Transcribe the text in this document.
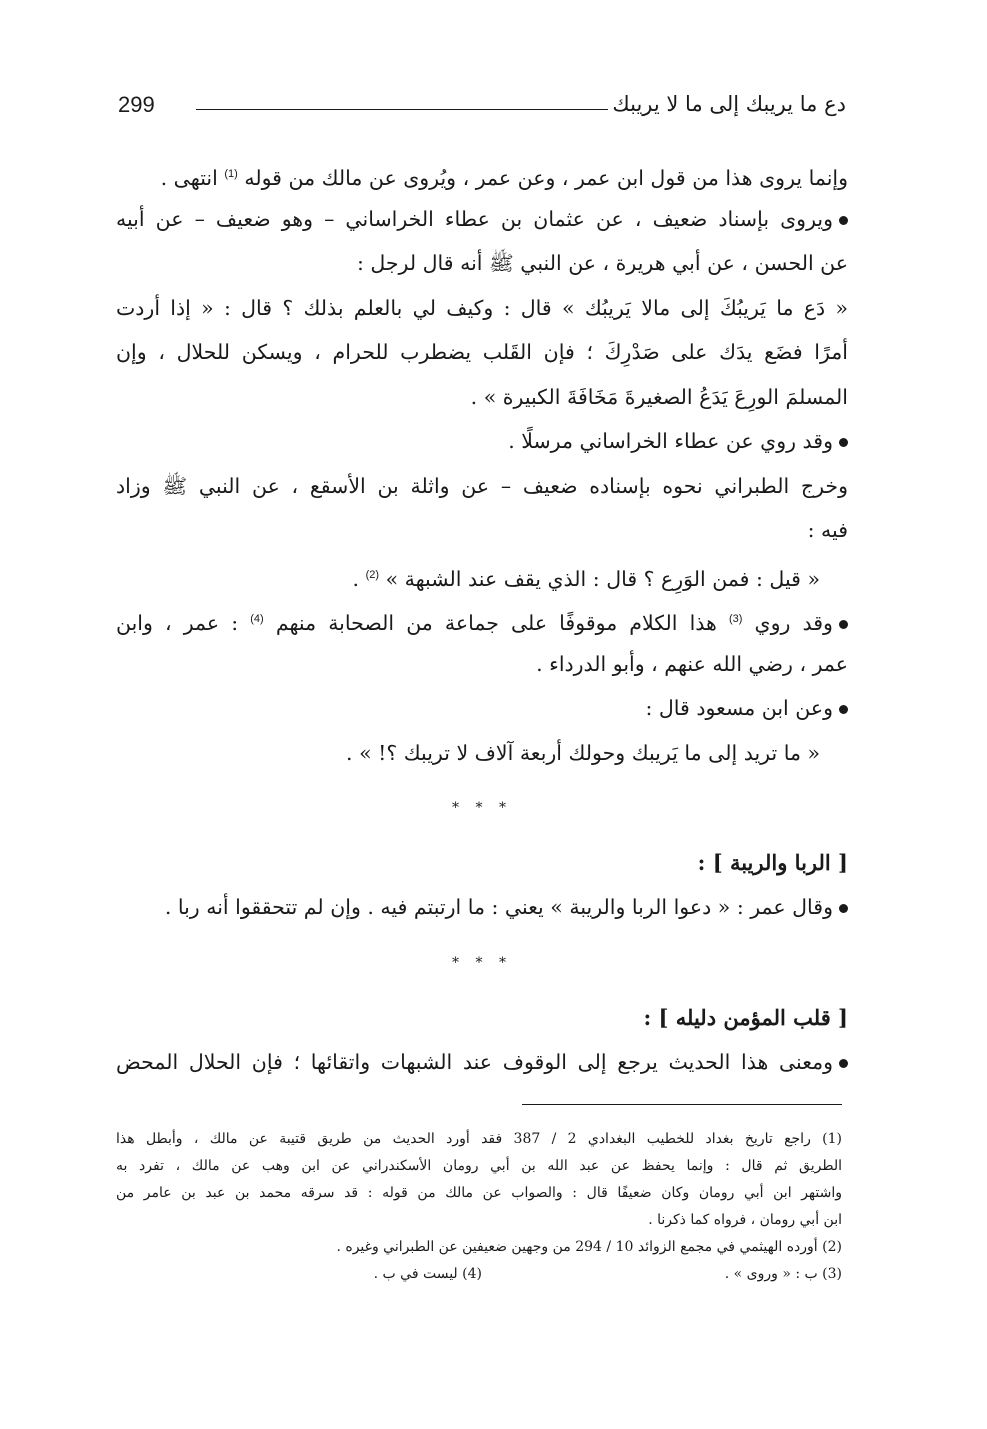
دع ما يريبك إلى ما لا يريبك
299
وإنما يروى هذا من قول ابن عمر ، وعن عمر ، ويُروى عن مالك من قوله $^{(1)}$ انتهى .
ويروى بإسناد ضعيف ، عن عثمان بن عطاء الخراساني – وهو ضعيف – عن أبيه
عن الحسن ، عن أبي هريرة ، عن النبي ﷺ أنه قال لرجل :
« دَع ما يَريبُكَ إلى مالا يَريبُك » قال : وكيف لي بالعلم بذلك ؟ قال : « إذا أردت
أمرًا فضَع يدَك على صَدْرِكَ ؛ فإن القَلب يضطرب للحرام ، ويسكن للحلال ، وإن
المسلمَ الورِعَ يَدَعُ الصغيرةَ مَخَافَةَ الكبيرة » .
وقد روي عن عطاء الخراساني مرسلًا .
وخرج الطبراني نحوه بإسناده ضعيف – عن واثلة بن الأسقع ، عن النبي ﷺ وزاد
فيه :
« قيل : فمن الوَرِع ؟ قال : الذي يقف عند الشبهة » $^{(2)}$ .
وقد روي $^{(3)}$ هذا الكلام موقوفًا على جماعة من الصحابة منهم $^{(4)}$ : عمر ، وابن
عمر ، رضي الله عنهم ، وأبو الدرداء .
وعن ابن مسعود قال :
« ما تريد إلى ما يَريبك وحولك أربعة آلاف لا تريبك ؟! » .
* * *
[ الربا والريبة ] :
وقال عمر : « دعوا الربا والريبة » يعني : ما ارتبتم فيه . وإن لم تتحققوا أنه ربا .
* * *
[ قلب المؤمن دليله ] :
ومعنى هذا الحديث يرجع إلى الوقوف عند الشبهات واتقائها ؛ فإن الحلال المحض
(1) راجع تاريخ بغداد للخطيب البغدادي 2 / 387 فقد أورد الحديث من طريق قتيبة عن مالك ، وأبطل هذا
الطريق ثم قال : وإنما يحفظ عن عبد الله بن أبي رومان الأسكندراني عن ابن وهب عن مالك ، تفرد به
واشتهر ابن أبي رومان وكان ضعيفًا قال : والصواب عن مالك من قوله : قد سرقه محمد بن عبد بن عامر من
ابن أبي رومان ، فرواه كما ذكرنا .
(2) أورده الهيثمي في مجمع الزوائد 10 / 294 من وجهين ضعيفين عن الطبراني وغيره .
(3) ب : « وروى » .
(4) ليست في ب .
